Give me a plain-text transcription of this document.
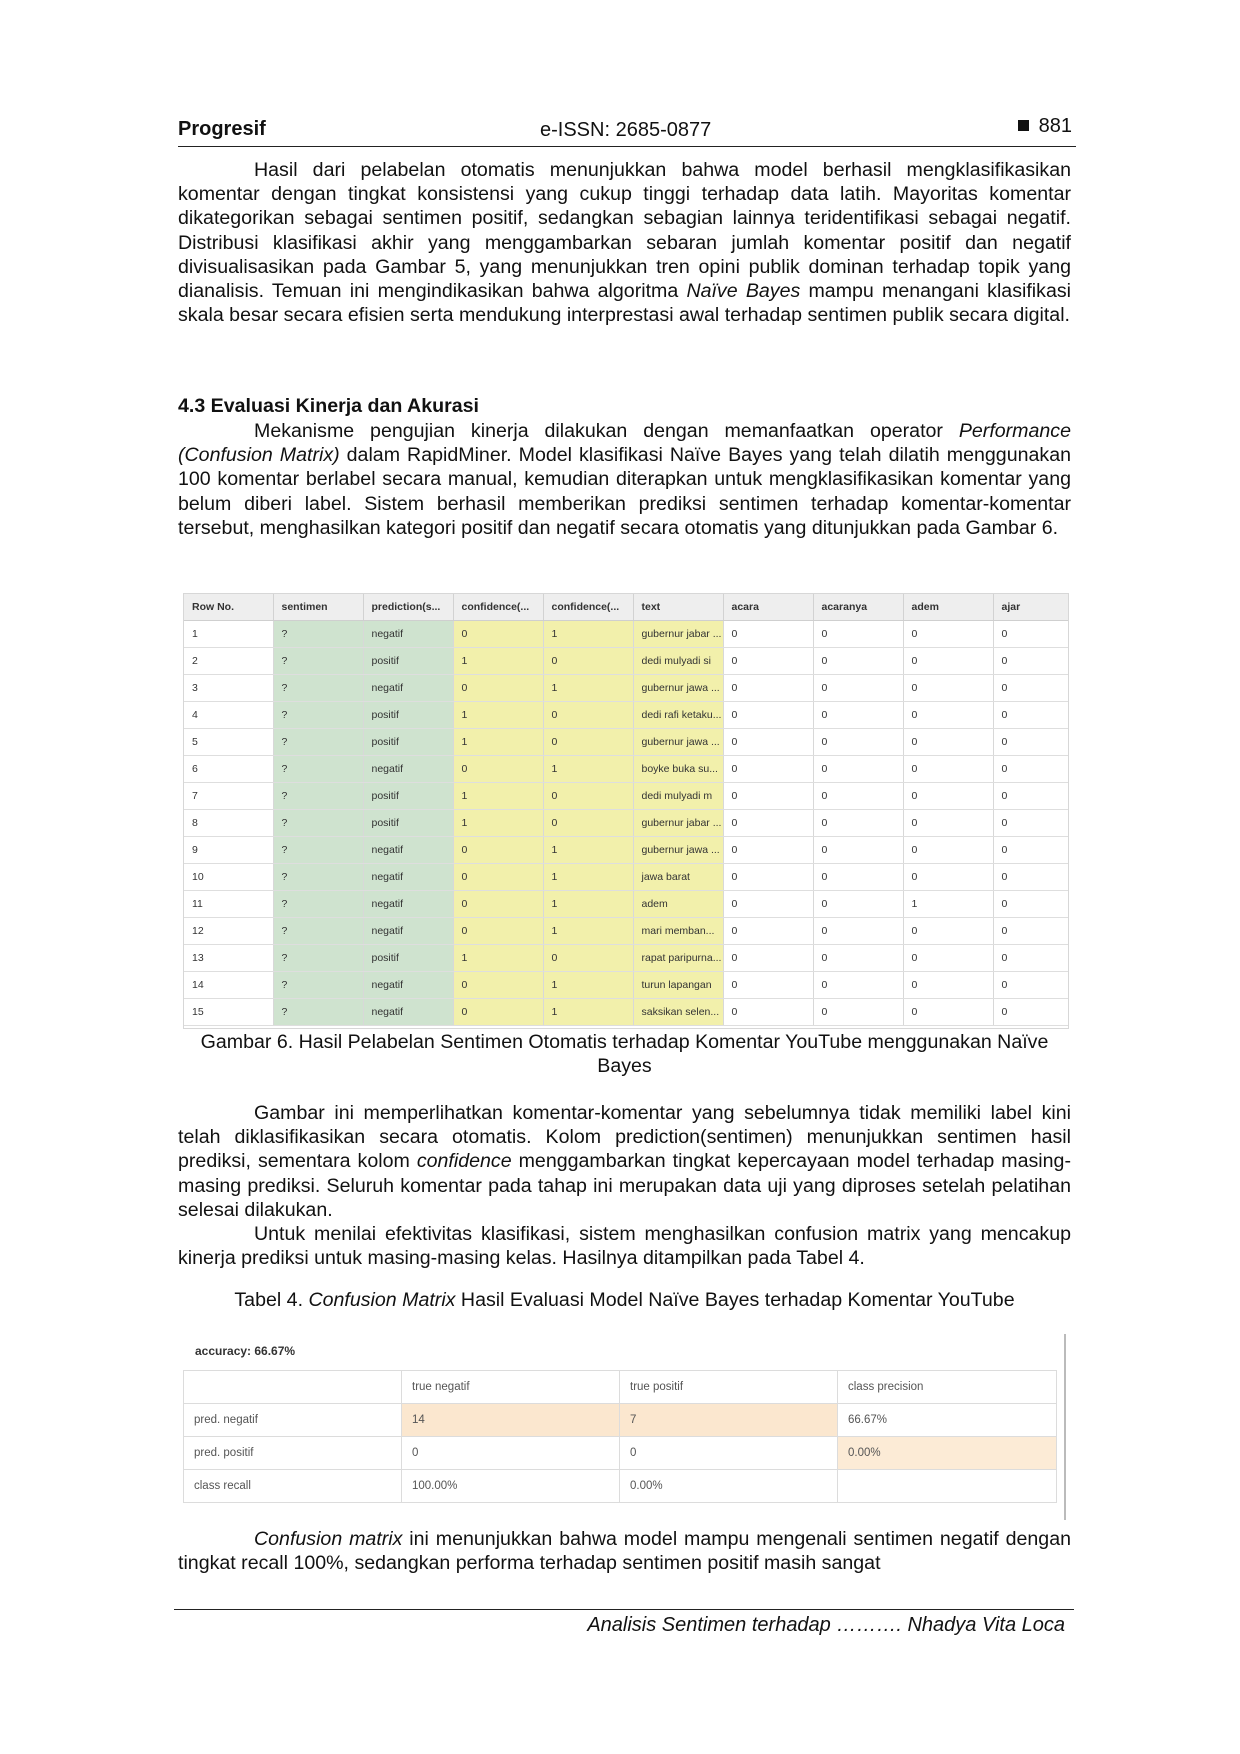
Progresif	e-ISSN: 2685-0877	881

Hasil dari pelabelan otomatis menunjukkan bahwa model berhasil mengklasifikasikan komentar dengan tingkat konsistensi yang cukup tinggi terhadap data latih. Mayoritas komentar dikategorikan sebagai sentimen positif, sedangkan sebagian lainnya teridentifikasi sebagai negatif. Distribusi klasifikasi akhir yang menggambarkan sebaran jumlah komentar positif dan negatif divisualisasikan pada Gambar 5, yang menunjukkan tren opini publik dominan terhadap topik yang dianalisis. Temuan ini mengindikasikan bahwa algoritma Naïve Bayes mampu menangani klasifikasi skala besar secara efisien serta mendukung interprestasi awal terhadap sentimen publik secara digital.

4.3 Evaluasi Kinerja dan Akurasi

Mekanisme pengujian kinerja dilakukan dengan memanfaatkan operator Performance (Confusion Matrix) dalam RapidMiner. Model klasifikasi Naïve Bayes yang telah dilatih menggunakan 100 komentar berlabel secara manual, kemudian diterapkan untuk mengklasifikasikan komentar yang belum diberi label. Sistem berhasil memberikan prediksi sentimen terhadap komentar-komentar tersebut, menghasilkan kategori positif dan negatif secara otomatis yang ditunjukkan pada Gambar 6.

Row No.	sentimen	prediction(s...	confidence(...	confidence(...	text	acara	acaranya	adem	ajar
1	?	negatif	0	1	gubernur jabar ...	0	0	0	0
2	?	positif	1	0	dedi mulyadi si	0	0	0	0
3	?	negatif	0	1	gubernur jawa ...	0	0	0	0
4	?	positif	1	0	dedi rafi ketaku...	0	0	0	0
5	?	positif	1	0	gubernur jawa ...	0	0	0	0
6	?	negatif	0	1	boyke buka su...	0	0	0	0
7	?	positif	1	0	dedi mulyadi m	0	0	0	0
8	?	positif	1	0	gubernur jabar ...	0	0	0	0
9	?	negatif	0	1	gubernur jawa ...	0	0	0	0
10	?	negatif	0	1	jawa barat	0	0	0	0
11	?	negatif	0	1	adem	0	0	1	0
12	?	negatif	0	1	mari memban...	0	0	0	0
13	?	positif	1	0	rapat paripurna...	0	0	0	0
14	?	negatif	0	1	turun lapangan	0	0	0	0
15	?	negatif	0	1	saksikan selen...	0	0	0	0

Gambar 6. Hasil Pelabelan Sentimen Otomatis terhadap Komentar YouTube menggunakan Naïve Bayes

Gambar ini memperlihatkan komentar-komentar yang sebelumnya tidak memiliki label kini telah diklasifikasikan secara otomatis. Kolom prediction(sentimen) menunjukkan sentimen hasil prediksi, sementara kolom confidence menggambarkan tingkat kepercayaan model terhadap masing-masing prediksi. Seluruh komentar pada tahap ini merupakan data uji yang diproses setelah pelatihan selesai dilakukan.

Untuk menilai efektivitas klasifikasi, sistem menghasilkan confusion matrix yang mencakup kinerja prediksi untuk masing-masing kelas. Hasilnya ditampilkan pada Tabel 4.

Tabel 4. Confusion Matrix Hasil Evaluasi Model Naïve Bayes terhadap Komentar YouTube

accuracy: 66.67%
	true negatif	true positif	class precision
pred. negatif	14	7	66.67%
pred. positif	0	0	0.00%
class recall	100.00%	0.00%	

Confusion matrix ini menunjukkan bahwa model mampu mengenali sentimen negatif dengan tingkat recall 100%, sedangkan performa terhadap sentimen positif masih sangat

Analisis Sentimen terhadap ………. Nhadya Vita Loca
